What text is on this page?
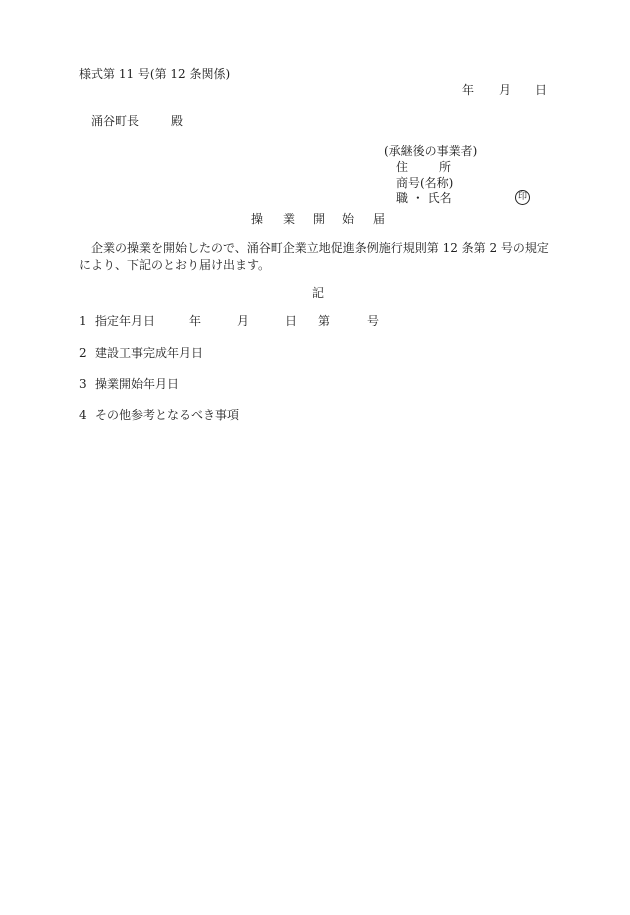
様式第 11 号(第 12 条関係)
年 月 日
涌谷町長	殿
(承継後の事業者)
住	所
商号(名称)
職 ・ 氏名	印
操 業 開 始 届
企業の操業を開始したので、涌谷町企業立地促進条例施行規則第 12 条第 2 号の規定により、下記のとおり届け出ます。
記
1 指定年月日	年	月	日 第	号
2 建設工事完成年月日
3 操業開始年月日
4 その他参考となるべき事項
